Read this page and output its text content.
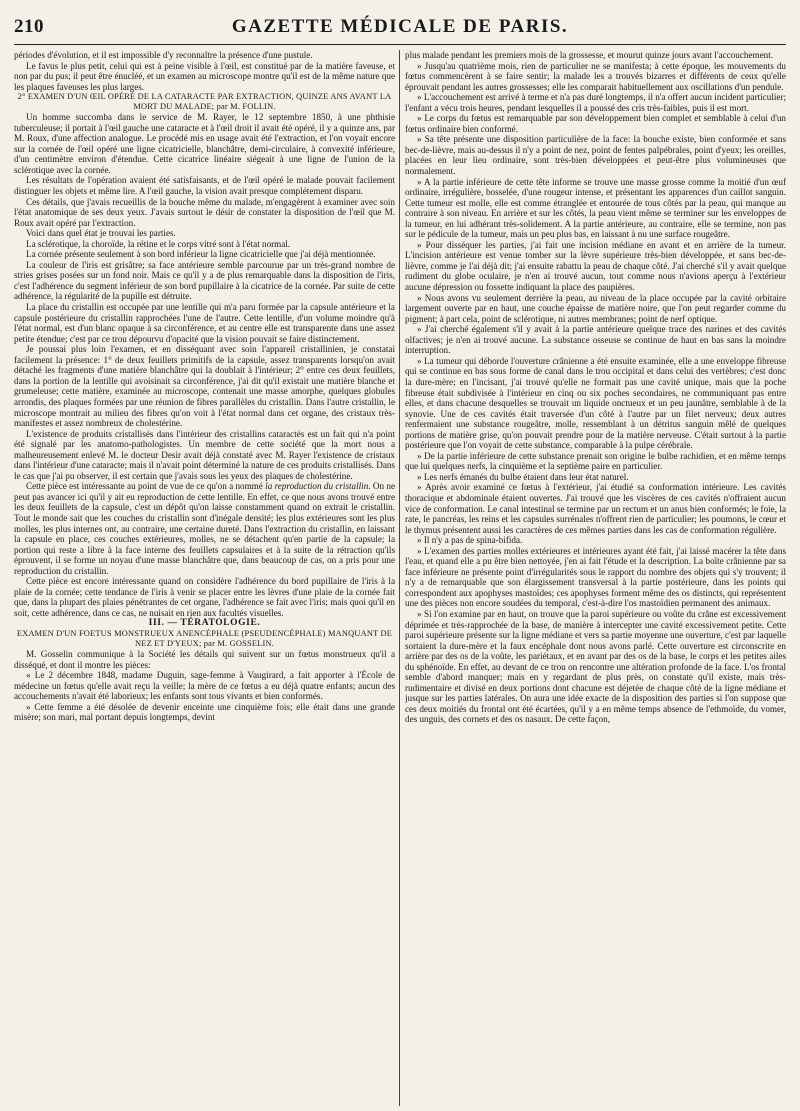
210	GAZETTE MÉDICALE DE PARIS.

périodes d'évolution, et il est impossible d'y reconnaître la présence d'une pustule.

Le favus le plus petit, celui qui est à peine visible à l'œil, est constitué par de la matière faveuse, et non par du pus; il peut être énucléé, et un examen au microscope montre qu'il est de la même nature que les plaques faveuses les plus larges.

2° EXAMEN D'UN ŒIL OPÉRÉ DE LA CATARACTE PAR EXTRACTION, QUINZE ANS AVANT LA MORT DU MALADE; par M. FOLLIN.

Un homme succomba dans le service de M. Rayer, le 12 septembre 1850, à une phthisie tuberculeuse; il portait à l'œil gauche une cataracte et à l'œil droit il avait été opéré, il y a quinze ans, par M. Roux, d'une affection analogue. Le procédé mis en usage avait été l'extraction, et l'on voyait encore sur la cornée de l'œil opéré une ligne cicatricielle, blanchâtre, demi-circulaire, à convexité inférieure, d'un centimètre environ d'étendue. Cette cicatrice linéaire siégeait à une ligne de l'union de la sclérotique avec la cornée.

Les résultats de l'opération avaient été satisfaisants, et de l'œil opéré le malade pouvait facilement distinguer les objets et même lire. A l'œil gauche, la vision avait presque complétement disparu.

Ces détails, que j'avais recueillis de la bouche même du malade, m'engagèrent à examiner avec soin l'état anatomique de ses deux yeux. J'avais surtout le désir de constater la disposition de l'œil que M. Roux avait opéré par l'extraction.

Voici dans quel état je trouvai les parties.

La sclérotique, la choroïde, la rétine et le corps vitré sont à l'état normal.

La cornée présente seulement à son bord inférieur la ligne cicatricielle que j'ai déjà mentionnée.

La couleur de l'iris est grisâtre; sa face antérieure semble parcourue par un très-grand nombre de stries grises posées sur un fond noir. Mais ce qu'il y a de plus remarquable dans la disposition de l'iris, c'est l'adhérence du segment inférieur de son bord pupillaire à la cicatrice de la cornée. Par suite de cette adhérence, la régularité de la pupille est détruite.

La place du cristallin est occupée par une lentille qui m'a paru formée par la capsule antérieure et la capsule postérieure du cristallin rapprochées l'une de l'autre. Cette lentille, d'un volume moindre qu'à l'état normal, est d'un blanc opaque à sa circonférence, et au centre elle est transparente dans une assez petite étendue; c'est par ce trou dépourvu d'opacité que la vision pouvait se faire distinctement.

Je poussai plus loin l'examen, et en disséquant avec soin l'appareil cristallinien, je constatai facilement la présence: 1° de deux feuillets primitifs de la capsule, assez transparents lorsqu'on avait détaché les fragments d'une matière blanchâtre qui la doublait à l'intérieur; 2° entre ces deux feuillets, dans la portion de la lentille qui avoisinait sa circonférence, j'ai dit qu'il existait une matière blanche et grumeleuse; cette matière, examinée au microscope, contenait une masse amorphe, quelques globules arrondis, des plaques formées par une réunion de fibres parallèles du cristallin. Dans l'autre cristallin, le microscope montrait au milieu des fibres qu'on voit à l'état normal dans cet organe, des cristaux très-manifestes et assez nombreux de cholestérine.

L'existence de produits cristallisés dans l'intérieur des cristallins cataractés est un fait qui n'a point été signalé par les anatomo-pathologistes. Un membre de cette société que la mort nous a malheureusement enlevé M. le docteur Desir avait déjà constaté avec M. Rayer l'existence de cristaux dans l'intérieur d'une cataracte; mais il n'avait point déterminé la nature de ces produits cristallisés. Dans le cas que j'ai pu observer, il est certain que j'avais sous les yeux des plaques de cholestérine.

Cette pièce est intéressante au point de vue de ce qu'on a nommé la reproduction du cristallin. On ne peut pas avancer ici qu'il y ait eu reproduction de cette lentille. En effet, ce que nous avons trouvé entre les deux feuillets de la capsule, c'est un dépôt qu'on laisse constamment quand on extrait le cristallin. Tout le monde sait que les couches du cristallin sont d'inégale densité; les plus extérieures sont les plus molles, les plus internes ont, au contraire, une certaine dureté. Dans l'extraction du cristallin, en laissant la capsule en place, ces couches extérieures, molles, ne se détachent qu'en partie de la capsule; la portion qui reste a libre à la face interne des feuillets capsulaires et à la suite de la rétraction qu'ils éprouvent, il se forme un noyau d'une masse blanchâtre que, dans beaucoup de cas, on a pris pour une reproduction du cristallin.

Cette pièce est encore intéressante quand on considère l'adhérence du bord pupillaire de l'iris à la plaie de la cornée; cette tendance de l'iris à venir se placer entre les lèvres d'une plaie de la cornée fait que, dans la plupart des plaies pénétrantes de cet organe, l'adhérence se fait avec l'iris; mais quoi qu'il en soit, cette adhérence, dans ce cas, ne nuisait en rien aux facultés visuelles.

III. — TÉRATOLOGIE.

EXAMEN D'UN FOETUS MONSTRUEUX ANENCÉPHALE (PSEUDENCÉPHALE) MANQUANT DE NEZ ET D'YEUX; par M. GOSSELIN.

M. Gosselin communique à la Société les détails qui suivent sur un fœtus monstrueux qu'il a disséqué, et dont il montre les pièces:

« Le 2 décembre 1848, madame Duguin, sage-femme à Vaugirard, a fait apporter à l'École de médecine un fœtus qu'elle avait reçu la veille; la mère de ce fœtus a eu déjà quatre enfants; aucun des accouchements n'avait été laborieux; les enfants sont tous vivants et bien conformés.

» Cette femme a été désolée de devenir enceinte une cinquième fois; elle était dans une grande misère; son mari, mal portant depuis longtemps, devint

plus malade pendant les premiers mois de la grossesse, et mourut quinze jours avant l'accouchement.

» Jusqu'au quatrième mois, rien de particulier ne se manifesta; à cette époque, les mouvements du fœtus commencèrent à se faire sentir; la malade les a trouvés bizarres et différents de ceux qu'elle éprouvait pendant les autres grossesses; elle les comparait habituellement aux oscillations d'un pendule.

» L'accouchement est arrivé à terme et n'a pas duré longtemps, il n'a offert aucun incident particulier; l'enfant a vécu trois heures, pendant lesquelles il a poussé des cris très-faibles, puis il est mort.

» Le corps du fœtus est remarquable par son développement bien complet et semblable à celui d'un fœtus ordinaire bien conformé.

» Sa tête présente une disposition particulière de la face: la bouche existe, bien conformée et sans bec-de-lièvre, mais au-dessus il n'y a point de nez, point de fentes palpébrales, point d'yeux; les oreilles, placées en leur lieu ordinaire, sont très-bien développées et peut-être plus volumineuses que normalement.

» A la partie inférieure de cette tête informe se trouve une masse grosse comme la moitié d'un œuf ordinaire, irrégulière, bosselée, d'une rougeur intense, et présentant les apparences d'un caillot sanguin. Cette tumeur est molle, elle est comme étranglée et entourée de tous côtés par la peau, qui manque au contraire à son niveau. En arrière et sur les côtés, la peau vient même se terminer sur les enveloppes de la tumeur, en lui adhérant très-solidement. A la partie antérieure, au contraire, elle se termine, non pas sur le pédicule de la tumeur, mais un peu plus bas, en laissant à nu une surface rougeâtre.

» Pour disséquer les parties, j'ai fait une incision médiane en avant et en arrière de la tumeur. L'incision antérieure est venue tomber sur la lèvre supérieure très-bien développée, et sans bec-de-lièvre, comme je l'ai déjà dit; j'ai ensuite rabattu la peau de chaque côté. J'ai cherché s'il y avait quelque rudiment du globe oculaire, je n'en ai trouvé aucun, tout comme nous n'avions aperçu à l'extérieur aucune dépression ou fossette indiquant la place des paupières.

» Nous avons vu seulement derrière la peau, au niveau de la place occupée par la cavité orbitaire largement ouverte par en haut, une couche épaisse de matière noire, que l'on peut regarder comme du pigment; à part cela, point de sclérotique, ni autres membranes; point de nerf optique.

» J'ai cherché également s'il y avait à la partie antérieure quelque trace des narines et des cavités olfactives; je n'en ai trouvé aucune. La substance osseuse se continue de haut en bas sans la moindre interruption.

» La tumeur qui déborde l'ouverture crânienne a été ensuite examinée, elle a une enveloppe fibreuse qui se continue en bas sous forme de canal dans le trou occipital et dans celui des vertèbres; c'est donc la dure-mère; en l'incisant, j'ai trouvé qu'elle ne formait pas une cavité unique, mais que la poche fibreuse était subdivisée à l'intérieur en cinq ou six poches secondaires, ne communiquant pas entre elles, et dans chacune desquelles se trouvait un liquide onctueux et un peu jaunâtre, semblable à de la synovie. Une de ces cavités était traversée d'un côté à l'autre par un filet nerveux; deux autres renfermaient une substance rougeâtre, molle, ressemblant à un détritus sanguin mêlé de quelques portions de matière grise, qu'on pouvait prendre pour de la matière nerveuse. C'était surtout à la partie postérieure que l'on voyait de cette substance, comparable à la pulpe cérébrale.

» De la partie inférieure de cette substance prenait son origine le bulbe rachidien, et en même temps que lui quelques nerfs, la cinquième et la septième paire en particulier.

» Les nerfs émanés du bulbe étaient dans leur état naturel.

» Après avoir examiné ce fœtus à l'extérieur, j'ai étudié sa conformation intérieure. Les cavités thoracique et abdominale étaient ouvertes. J'ai trouvé que les viscères de ces cavités n'offraient aucun vice de conformation. Le canal intestinal se termine par un rectum et un anus bien conformés; le foie, la rate, le pancréas, les reins et les capsules surrénales n'offrent rien de particulier; les poumons, le cœur et le thymus présentent aussi les caractères de ces mêmes parties dans les cas de conformation régulière.

» Il n'y a pas de spina-bifida.

» L'examen des parties molles extérieures et intérieures ayant été fait, j'ai laissé macérer la tête dans l'eau, et quand elle a pu être bien nettoyée, j'en ai fait l'étude et la description. La boîte crânienne par sa face inférieure ne présente point d'irrégularités sous le rapport du nombre des objets qui s'y trouvent; il n'y a de remarquable que son élargissement transversal à la partie postérieure, dans les points qui correspondent aux apophyses mastoïdes; ces apophyses forment même des os distincts, qui représentent une des pièces non encore soudées du temporal, c'est-à-dire l'os mastoïdien permanent des animaux.

» Si l'on examine par en haut, on trouve que la paroi supérieure ou voûte du crâne est excessivement déprimée et très-rapprochée de la base, de manière à intercepter une cavité excessivement petite. Cette paroi supérieure présente sur la ligne médiane et vers sa partie moyenne une ouverture, c'est par laquelle sortaient la dure-mère et la faux encéphale dont nous avons parlé. Cette ouverture est circonscrite en arrière par des os de la voûte, les pariétaux, et en avant par des os de la base, le corps et les petites ailes du sphénoïde. En effet, au devant de ce trou on rencontre une altération profonde de la face. L'os frontal semble d'abord manquer; mais en y regardant de plus près, on constate qu'il existe, mais très-rudimentaire et divisé en deux portions dont chacune est déjetée de chaque côté de la ligne médiane et jusque sur les parties latérales. On aura une idée exacte de la disposition des parties si l'on suppose que ces deux moitiés du frontal ont été écartées, qu'il y a en même temps absence de l'ethmoïde, du vomer, des unguis, des cornets et des os nasaux. De cette façon,
